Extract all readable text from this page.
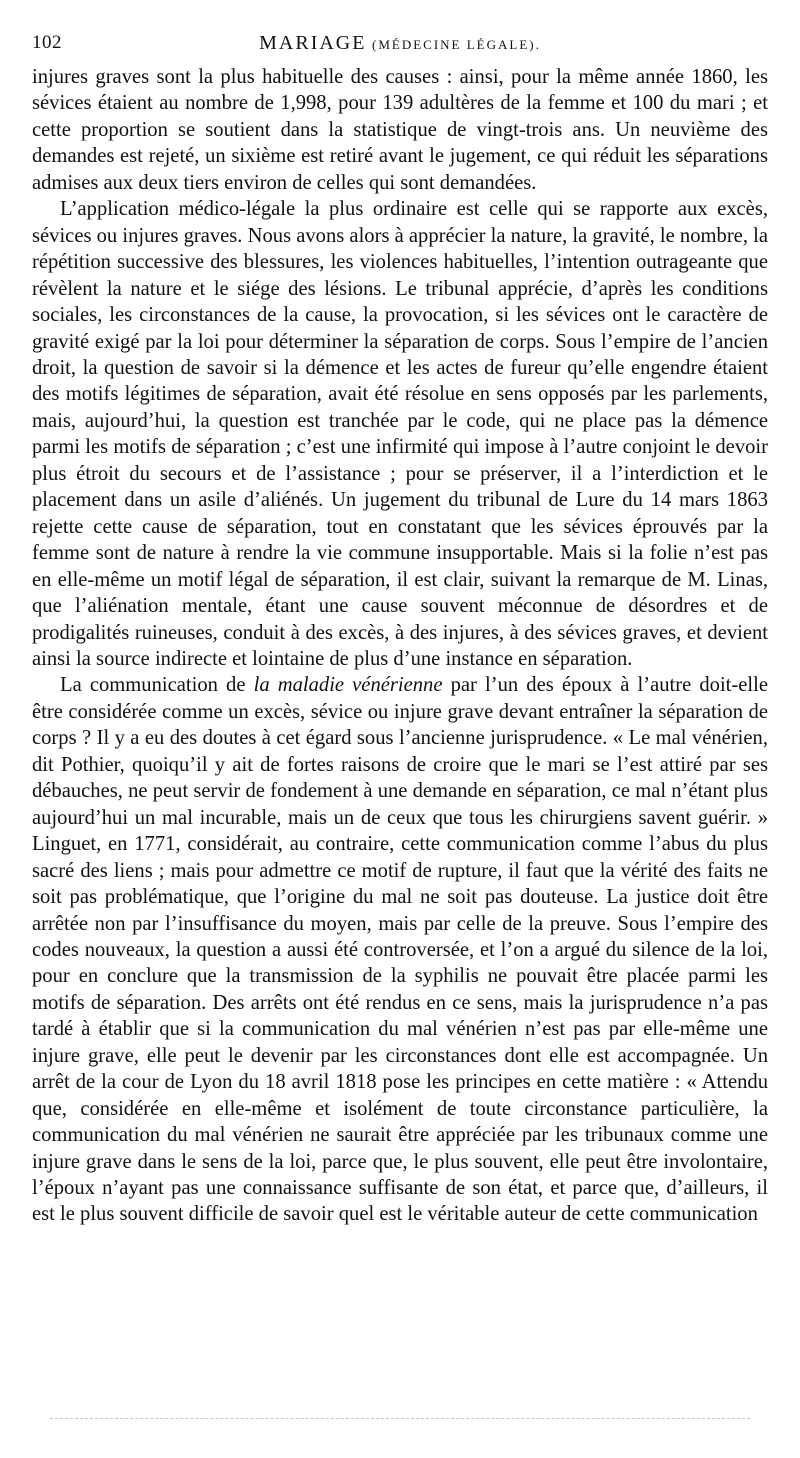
102	MARIAGE (MÉDECINE LÉGALE).

injures graves sont la plus habituelle des causes : ainsi, pour la même année 1860, les sévices étaient au nombre de 1,998, pour 139 adultères de la femme et 100 du mari ; et cette proportion se soutient dans la statistique de vingt-trois ans. Un neuvième des demandes est rejeté, un sixième est retiré avant le jugement, ce qui réduit les séparations admises aux deux tiers environ de celles qui sont demandées.

L’application médico-légale la plus ordinaire est celle qui se rapporte aux excès, sévices ou injures graves. Nous avons alors à apprécier la nature, la gravité, le nombre, la répétition successive des blessures, les violences habituelles, l’intention outrageante que révèlent la nature et le siége des lésions. Le tribunal apprécie, d’après les conditions sociales, les circonstances de la cause, la provocation, si les sévices ont le caractère de gravité exigé par la loi pour déterminer la séparation de corps. Sous l’empire de l’ancien droit, la question de savoir si la démence et les actes de fureur qu’elle engendre étaient des motifs légitimes de séparation, avait été résolue en sens opposés par les parlements, mais, aujourd’hui, la question est tranchée par le code, qui ne place pas la démence parmi les motifs de séparation ; c’est une infirmité qui impose à l’autre conjoint le devoir plus étroit du secours et de l’assistance ; pour se préserver, il a l’interdiction et le placement dans un asile d’aliénés. Un jugement du tribunal de Lure du 14 mars 1863 rejette cette cause de séparation, tout en constatant que les sévices éprouvés par la femme sont de nature à rendre la vie commune insupportable. Mais si la folie n’est pas en elle-même un motif légal de séparation, il est clair, suivant la remarque de M. Linas, que l’aliénation mentale, étant une cause souvent méconnue de désordres et de prodigalités ruineuses, conduit à des excès, à des injures, à des sévices graves, et devient ainsi la source indirecte et lointaine de plus d’une instance en séparation.

La communication de la maladie vénérienne par l’un des époux à l’autre doit-elle être considérée comme un excès, sévice ou injure grave devant entraîner la séparation de corps ? Il y a eu des doutes à cet égard sous l’ancienne jurisprudence. « Le mal vénérien, dit Pothier, quoiqu’il y ait de fortes raisons de croire que le mari se l’est attiré par ses débauches, ne peut servir de fondement à une demande en séparation, ce mal n’étant plus aujourd’hui un mal incurable, mais un de ceux que tous les chirurgiens savent guérir. » Linguet, en 1771, considérait, au contraire, cette communication comme l’abus du plus sacré des liens ; mais pour admettre ce motif de rupture, il faut que la vérité des faits ne soit pas problématique, que l’origine du mal ne soit pas douteuse. La justice doit être arrêtée non par l’insuffisance du moyen, mais par celle de la preuve. Sous l’empire des codes nouveaux, la question a aussi été controversée, et l’on a argué du silence de la loi, pour en conclure que la transmission de la syphilis ne pouvait être placée parmi les motifs de séparation. Des arrêts ont été rendus en ce sens, mais la jurisprudence n’a pas tardé à établir que si la communication du mal vénérien n’est pas par elle-même une injure grave, elle peut le devenir par les circonstances dont elle est accompagnée. Un arrêt de la cour de Lyon du 18 avril 1818 pose les principes en cette matière : « Attendu que, considérée en elle-même et isolément de toute circonstance particulière, la communication du mal vénérien ne saurait être appréciée par les tribunaux comme une injure grave dans le sens de la loi, parce que, le plus souvent, elle peut être involontaire, l’époux n’ayant pas une connaissance suffisante de son état, et parce que, d’ailleurs, il est le plus souvent difficile de savoir quel est le véritable auteur de cette communication
